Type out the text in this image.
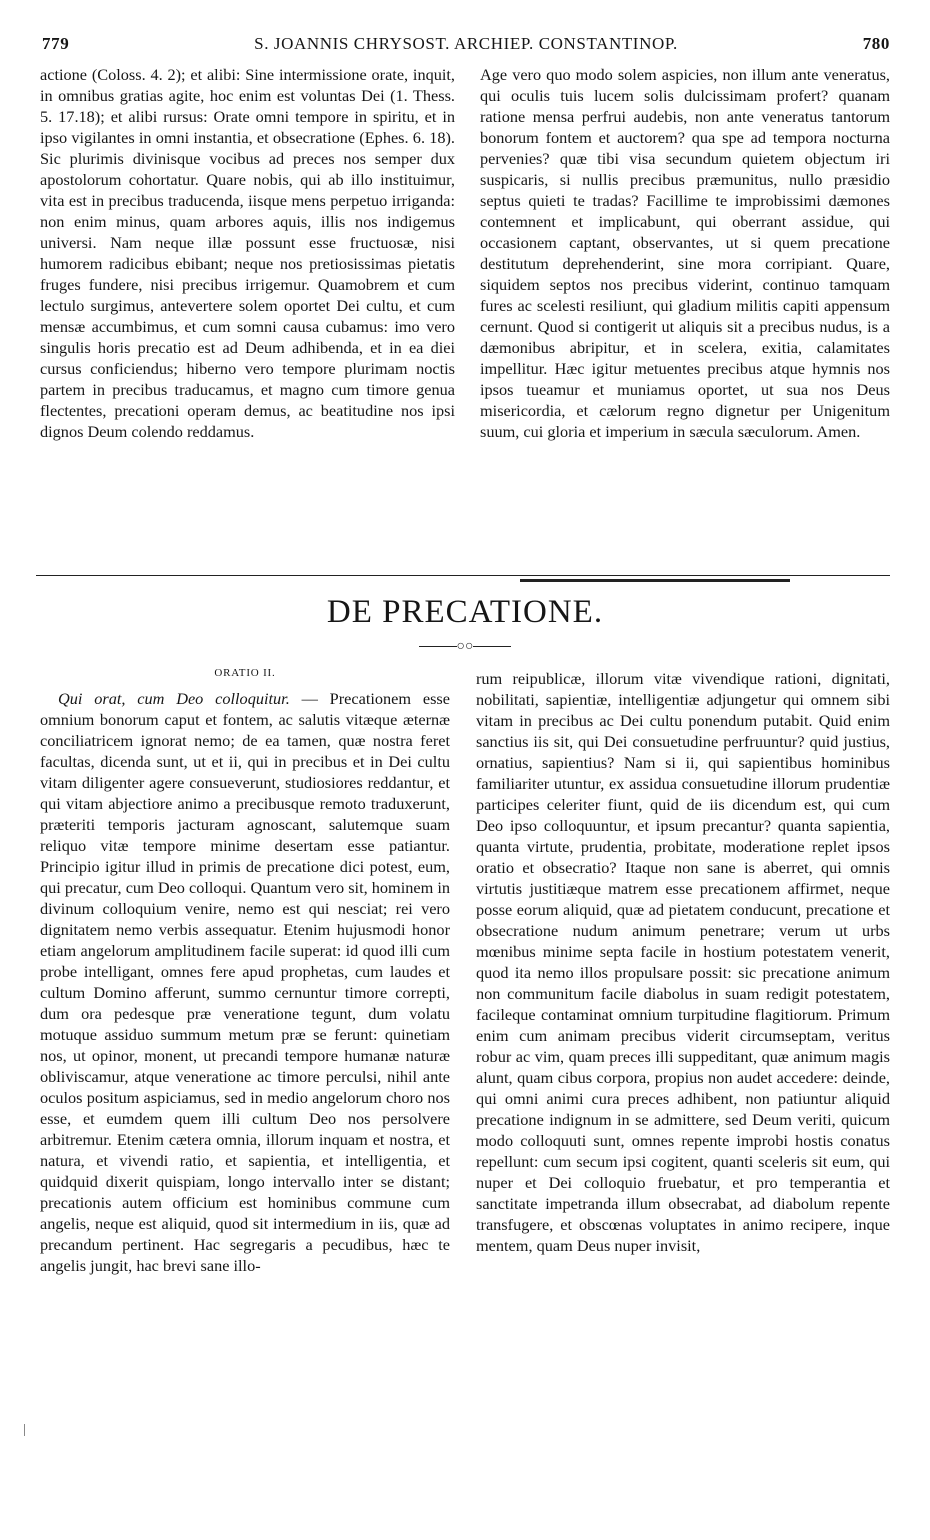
779	S. JOANNIS CHRYSOST. ARCHIEP. CONSTANTINOP.	780

actione (Coloss. 4. 2); et alibi: Sine intermissione orate, inquit, in omnibus gratias agite, hoc enim est voluntas Dei (1. Thess. 5. 17.18); et alibi rursus: Orate omni tempore in spiritu, et in ipso vigilantes in omni instantia, et obsecratione (Ephes. 6. 18). Sic plurimis divinisque vocibus ad preces nos semper dux apostolorum cohortatur. Quare nobis, qui ab illo instituimur, vita est in precibus traducenda, iisque mens perpetuo irriganda: non enim minus, quam arbores aquis, illis nos indigemus universi. Nam neque illæ possunt esse fructuosæ, nisi humorem radicibus ebibant; neque nos pretiosissimas pietatis fruges fundere, nisi precibus irrigemur. Quamobrem et cum lectulo surgimus, antevertere solem oportet Dei cultu, et cum mensæ accumbimus, et cum somni causa cubamus: imo vero singulis horis precatio est ad Deum adhibenda, et in ea diei cursus conficiendus; hiberno vero tempore plurimam noctis partem in precibus traducamus, et magno cum timore genua flectentes, precationi operam demus, ac beatitudine nos ipsi dignos Deum colendo reddamus.

Age vero quo modo solem aspicies, non illum ante veneratus, qui oculis tuis lucem solis dulcissimam profert? quanam ratione mensa perfrui audebis, non ante veneratus tantorum bonorum fontem et auctorem? qua spe ad tempora nocturna pervenies? quæ tibi visa secundum quietem objectum iri suspicaris, si nullis precibus præmunitus, nullo præsidio septus quieti te tradas? Facillime te improbissimi dæmones contemnent et implicabunt, qui oberrant assidue, qui occasionem captant, observantes, ut si quem precatione destitutum deprehenderint, sine mora corripiant. Quare, siquidem septos nos precibus viderint, continuo tamquam fures ac scelesti resiliunt, qui gladium militis capiti appensum cernunt. Quod si contigerit ut aliquis sit a precibus nudus, is a dæmonibus abripitur, et in scelera, exitia, calamitates impellitur. Hæc igitur metuentes precibus atque hymnis nos ipsos tueamur et muniamus oportet, ut sua nos Deus misericordia, et cælorum regno dignetur per Unigenitum suum, cui gloria et imperium in sæcula sæculorum. Amen.

DE PRECATIONE.
○○
ORATIO II.

Qui orat, cum Deo colloquitur. — Precationem esse omnium bonorum caput et fontem, ac salutis vitæque æternæ conciliatricem ignorat nemo; de ea tamen, quæ nostra feret facultas, dicenda sunt, ut et ii, qui in precibus et in Dei cultu vitam diligenter agere consueverunt, studiosiores reddantur, et qui vitam abjectiore animo a precibusque remoto traduxerunt, præteriti temporis jacturam agnoscant, salutemque suam reliquo vitæ tempore minime desertam esse patiantur. Principio igitur illud in primis de precatione dici potest, eum, qui precatur, cum Deo colloqui. Quantum vero sit, hominem in divinum colloquium venire, nemo est qui nesciat; rei vero dignitatem nemo verbis assequatur. Etenim hujusmodi honor etiam angelorum amplitudinem facile superat: id quod illi cum probe intelligant, omnes fere apud prophetas, cum laudes et cultum Domino afferunt, summo cernuntur timore correpti, dum ora pedesque præ veneratione tegunt, dum volatu motuque assiduo summum metum præ se ferunt: quinetiam nos, ut opinor, monent, ut precandi tempore humanæ naturæ obliviscamur, atque veneratione ac timore perculsi, nihil ante oculos positum aspiciamus, sed in medio angelorum choro nos esse, et eumdem quem illi cultum Deo nos persolvere arbitremur. Etenim cætera omnia, illorum inquam et nostra, et natura, et vivendi ratio, et sapientia, et intelligentia, et quidquid dixerit quispiam, longo intervallo inter se distant; precationis autem officium est hominibus commune cum angelis, neque est aliquid, quod sit intermedium in iis, quæ ad precandum pertinent. Hac segregaris a pecudibus, hæc te angelis jungit, hac brevi sane illo-

rum reipublicæ, illorum vitæ vivendique rationi, dignitati, nobilitati, sapientiæ, intelligentiæ adjungetur qui omnem sibi vitam in precibus ac Dei cultu ponendum putabit. Quid enim sanctius iis sit, qui Dei consuetudine perfruuntur? quid justius, ornatius, sapientius? Nam si ii, qui sapientibus hominibus familiariter utuntur, ex assidua consuetudine illorum prudentiæ participes celeriter fiunt, quid de iis dicendum est, qui cum Deo ipso colloquuntur, et ipsum precantur? quanta sapientia, quanta virtute, prudentia, probitate, moderatione replet ipsos oratio et obsecratio? Itaque non sane is aberret, qui omnis virtutis justitiæque matrem esse precationem affirmet, neque posse eorum aliquid, quæ ad pietatem conducunt, precatione et obsecratione nudum animum penetrare; verum ut urbs mœnibus minime septa facile in hostium potestatem venerit, quod ita nemo illos propulsare possit: sic precatione animum non communitum facile diabolus in suam redigit potestatem, facileque contaminat omnium turpitudine flagitiorum. Primum enim cum animam precibus viderit circumseptam, veritus robur ac vim, quam preces illi suppeditant, quæ animum magis alunt, quam cibus corpora, propius non audet accedere: deinde, qui omni animi cura preces adhibent, non patiuntur aliquid precatione indignum in se admittere, sed Deum veriti, quicum modo colloquuti sunt, omnes repente improbi hostis conatus repellunt: cum secum ipsi cogitent, quanti sceleris sit eum, qui nuper et Dei colloquio fruebatur, et pro temperantia et sanctitate impetranda illum obsecrabat, ad diabolum repente transfugere, et obscœnas voluptates in animo recipere, inque mentem, quam Deus nuper invisit,
